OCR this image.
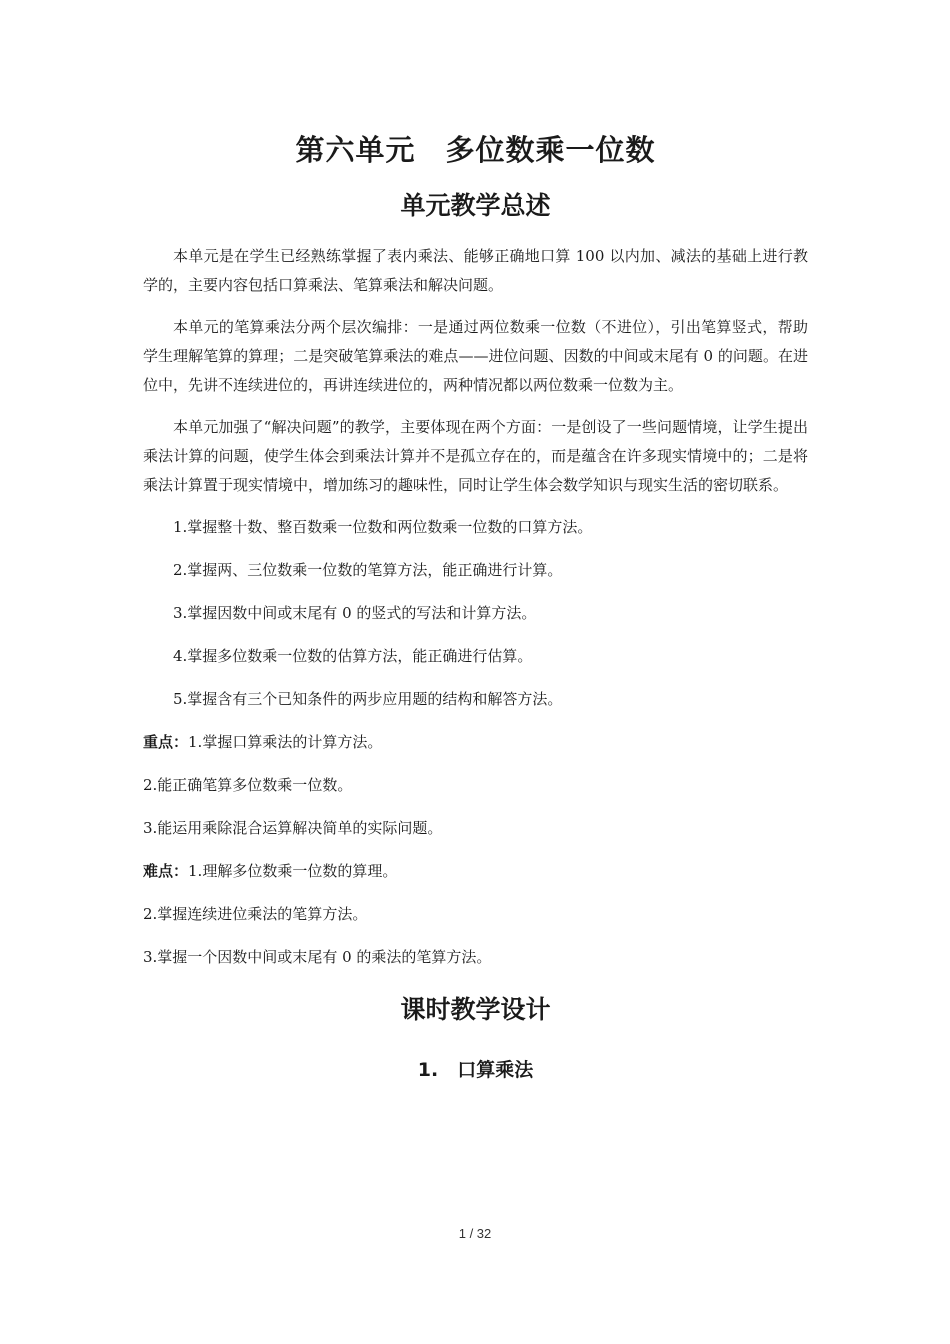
第六单元　多位数乘一位数
单元教学总述

本单元是在学生已经熟练掌握了表内乘法、能够正确地口算 100 以内加、减法的基础上进行教学的，主要内容包括口算乘法、笔算乘法和解决问题。

本单元的笔算乘法分两个层次编排：一是通过两位数乘一位数（不进位），引出笔算竖式，帮助学生理解笔算的算理；二是突破笔算乘法的难点——进位问题、因数的中间或末尾有 0 的问题。在进位中，先讲不连续进位的，再讲连续进位的，两种情况都以两位数乘一位数为主。

本单元加强了“解决问题”的教学，主要体现在两个方面：一是创设了一些问题情境，让学生提出乘法计算的问题，使学生体会到乘法计算并不是孤立存在的，而是蕴含在许多现实情境中的；二是将乘法计算置于现实情境中，增加练习的趣味性，同时让学生体会数学知识与现实生活的密切联系。

1.掌握整十数、整百数乘一位数和两位数乘一位数的口算方法。

2.掌握两、三位数乘一位数的笔算方法，能正确进行计算。

3.掌握因数中间或末尾有 0 的竖式的写法和计算方法。

4.掌握多位数乘一位数的估算方法，能正确进行估算。

5.掌握含有三个已知条件的两步应用题的结构和解答方法。

重点：1.掌握口算乘法的计算方法。

2.能正确笔算多位数乘一位数。

3.能运用乘除混合运算解决简单的实际问题。

难点：1.理解多位数乘一位数的算理。

2.掌握连续进位乘法的笔算方法。

3.掌握一个因数中间或末尾有 0 的乘法的笔算方法。

课时教学设计
1.　口算乘法
1 / 32
